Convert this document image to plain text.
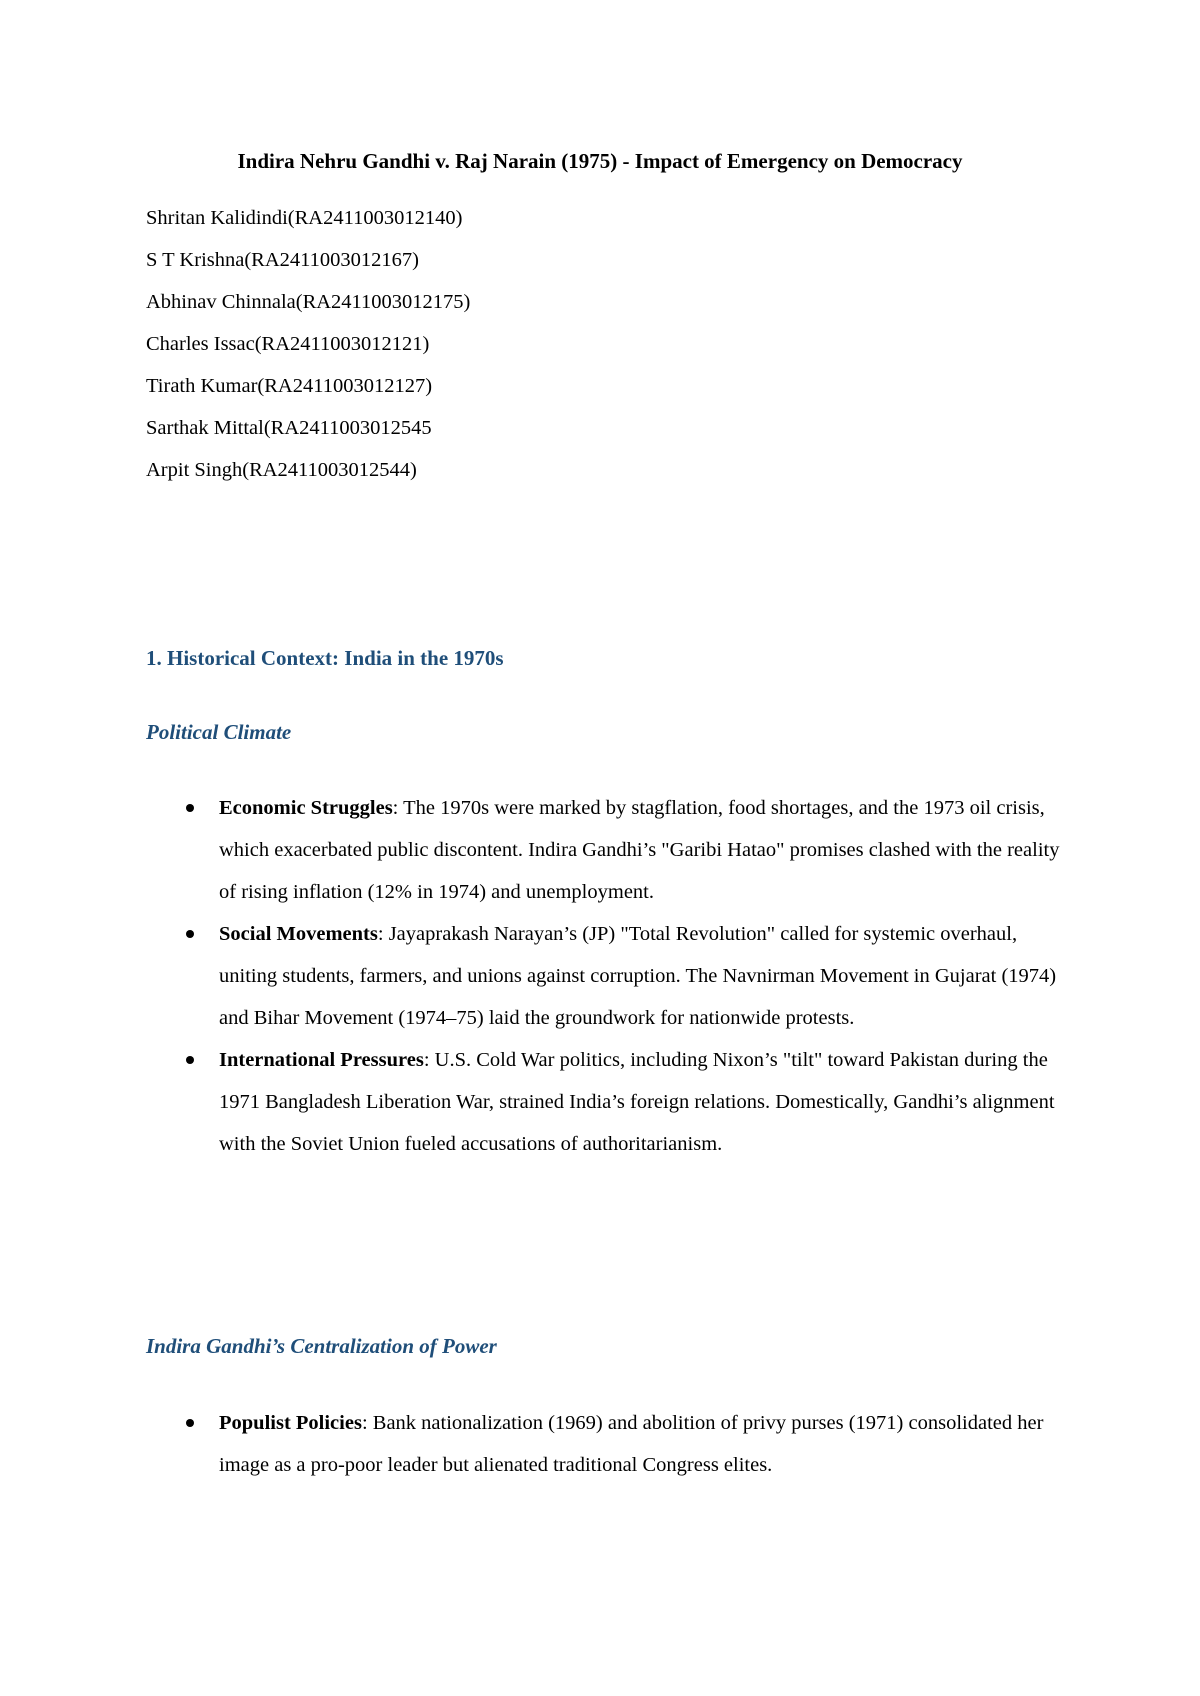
Indira Nehru Gandhi v. Raj Narain (1975) - Impact of Emergency on Democracy
Shritan Kalidindi(RA2411003012140)
S T Krishna(RA2411003012167)
Abhinav Chinnala(RA2411003012175)
Charles Issac(RA2411003012121)
Tirath Kumar(RA2411003012127)
Sarthak Mittal(RA2411003012545
Arpit Singh(RA2411003012544)
1. Historical Context: India in the 1970s
Political Climate
Economic Struggles: The 1970s were marked by stagflation, food shortages, and the 1973 oil crisis, which exacerbated public discontent. Indira Gandhi’s "Garibi Hatao" promises clashed with the reality of rising inflation (12% in 1974) and unemployment.
Social Movements: Jayaprakash Narayan’s (JP) "Total Revolution" called for systemic overhaul, uniting students, farmers, and unions against corruption. The Navnirman Movement in Gujarat (1974) and Bihar Movement (1974–75) laid the groundwork for nationwide protests.
International Pressures: U.S. Cold War politics, including Nixon’s "tilt" toward Pakistan during the 1971 Bangladesh Liberation War, strained India’s foreign relations. Domestically, Gandhi’s alignment with the Soviet Union fueled accusations of authoritarianism.
Indira Gandhi’s Centralization of Power
Populist Policies: Bank nationalization (1969) and abolition of privy purses (1971) consolidated her image as a pro-poor leader but alienated traditional Congress elites.
